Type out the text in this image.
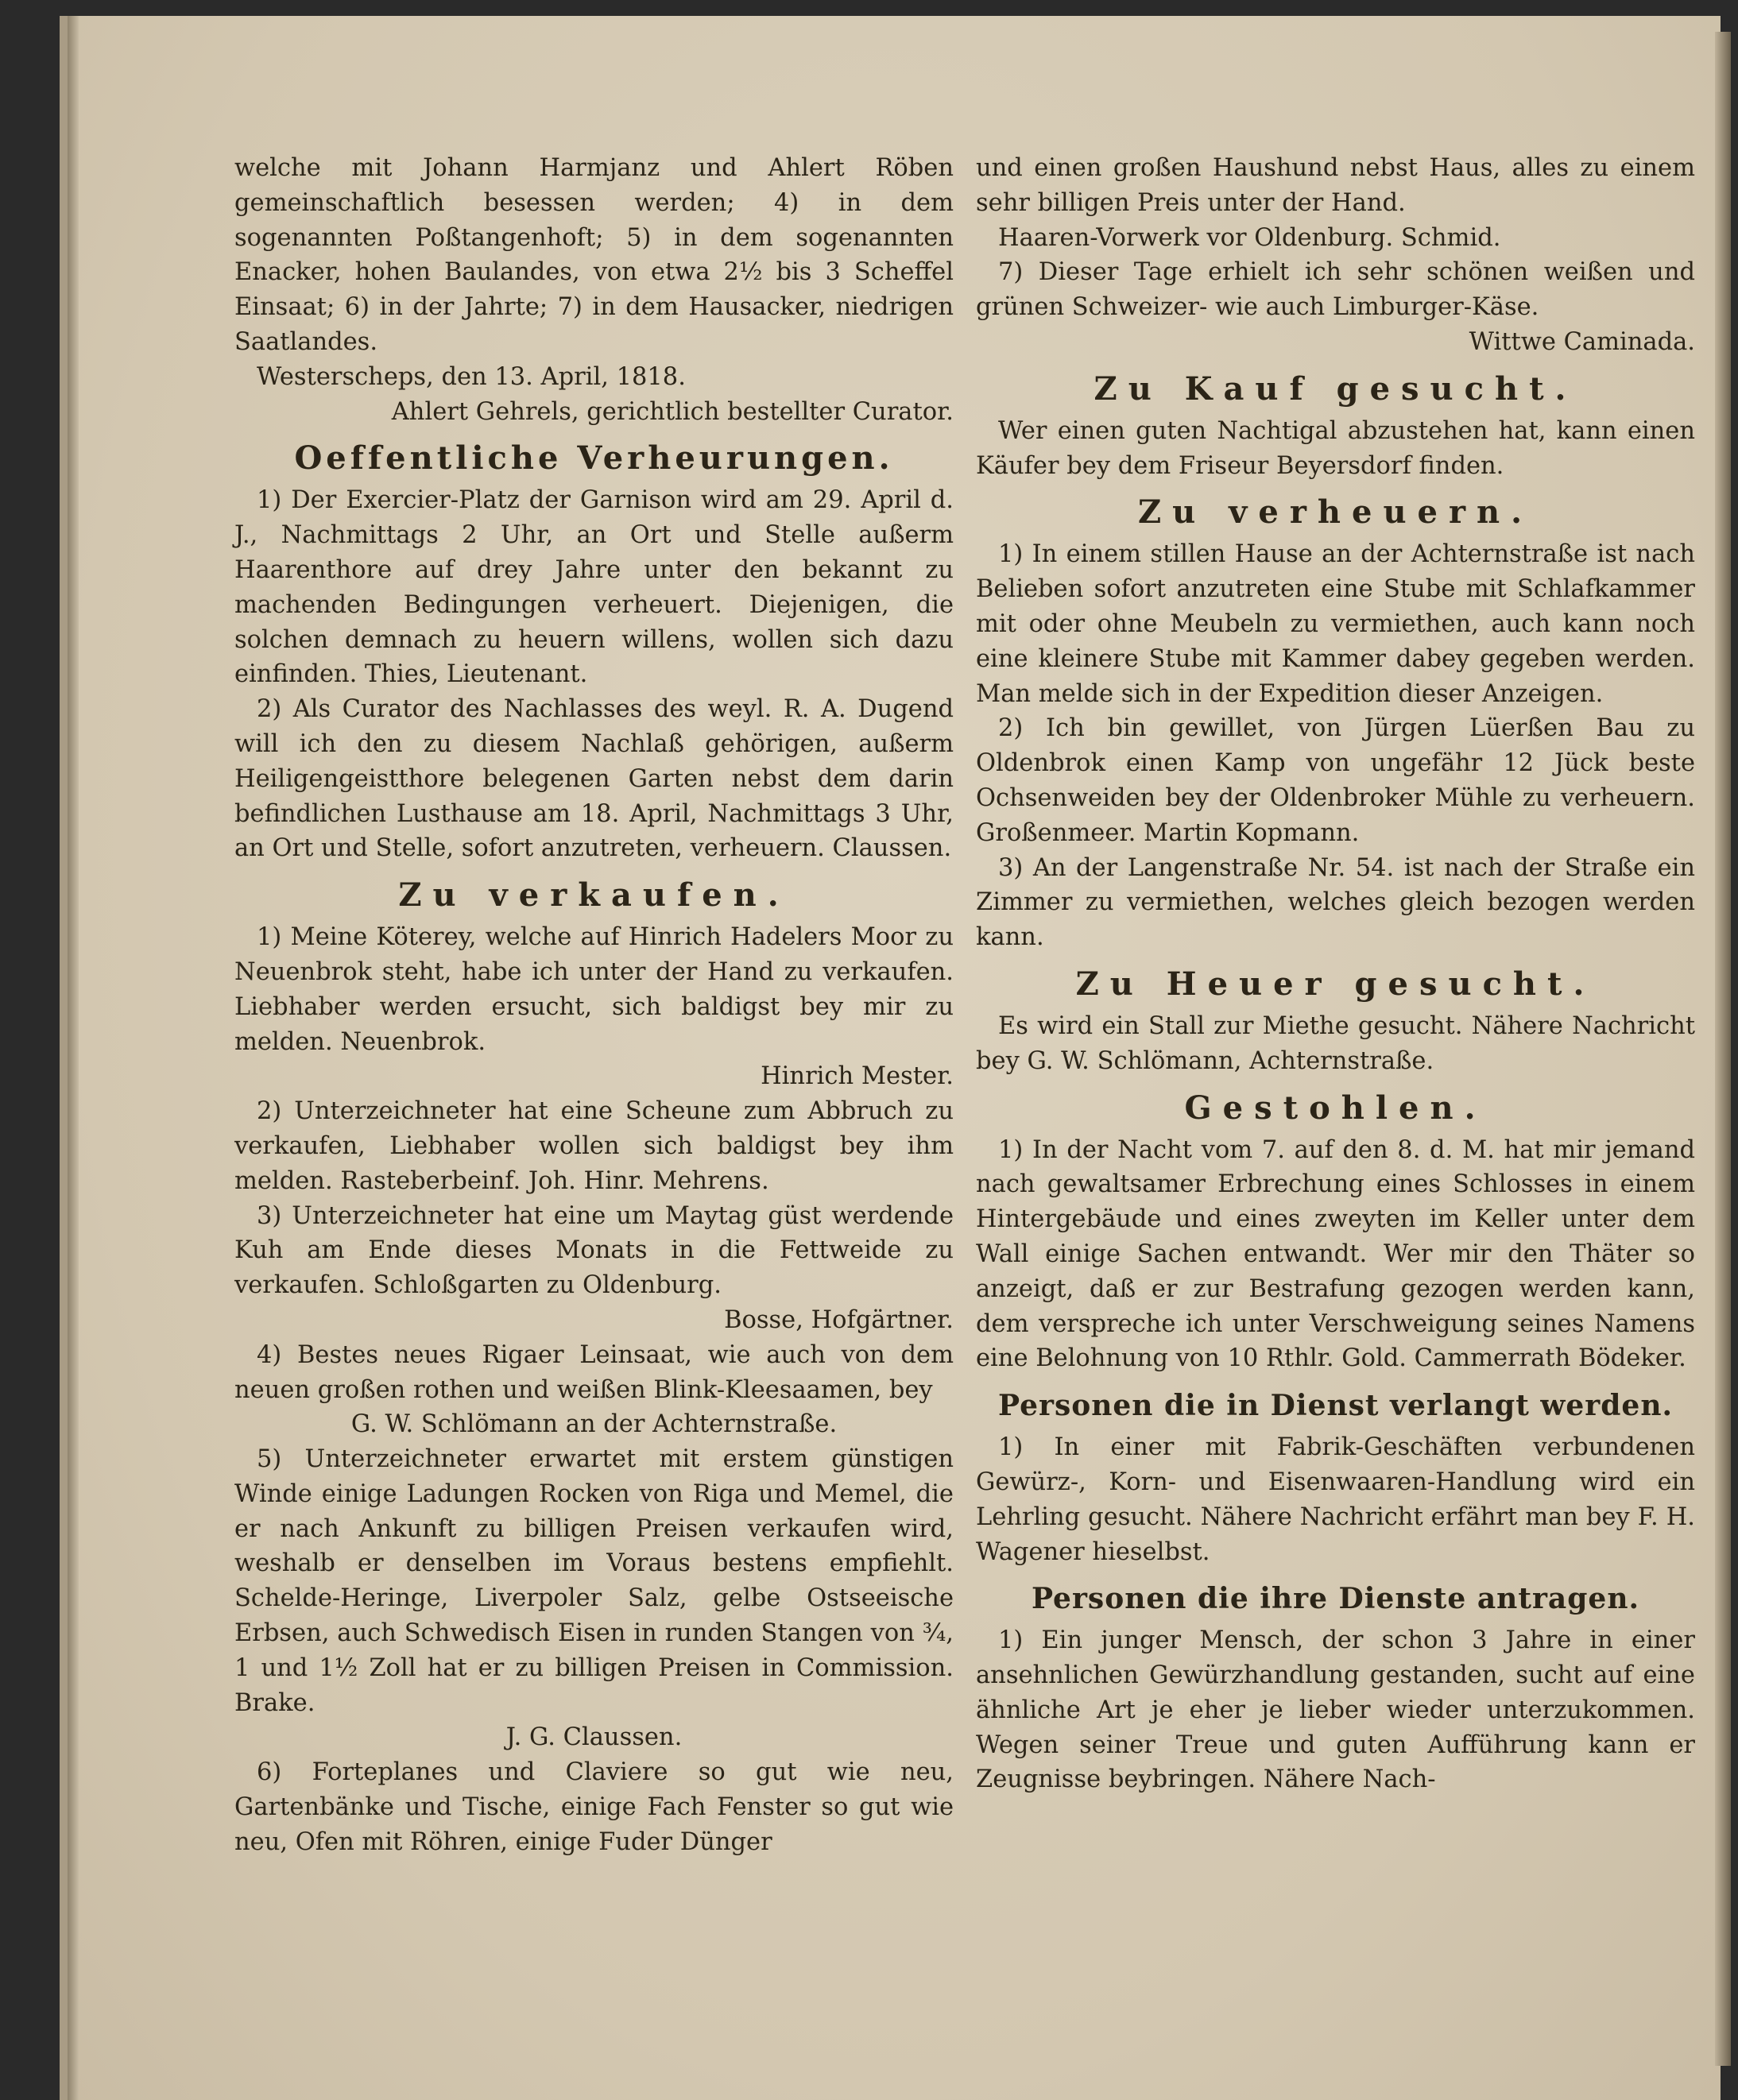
welche mit Johann Harmjanz und Ahlert Röben gemeinschaftlich besessen werden; 4) in dem sogenannten Poßtangenhoft; 5) in dem sogenannten Enacker, hohen Baulandes, von etwa 2½ bis 3 Scheffel Einsaat; 6) in der Jahrte; 7) in dem Hausacker, niedrigen Saatlandes.

Westerscheps, den 13. April, 1818.

Ahlert Gehrels, gerichtlich bestellter Curator.

Oeffentliche Verheurungen.

1) Der Exercier-Platz der Garnison wird am 29. April d. J., Nachmittags 2 Uhr, an Ort und Stelle außerm Haarenthore auf drey Jahre unter den bekannt zu machenden Bedingungen verheuert. Diejenigen, die solchen demnach zu heuern willens, wollen sich dazu einfinden. Thies, Lieutenant.

2) Als Curator des Nachlasses des weyl. R. A. Dugend will ich den zu diesem Nachlaß gehörigen, außerm Heiligengeistthore belegenen Garten nebst dem darin befindlichen Lusthause am 18. April, Nachmittags 3 Uhr, an Ort und Stelle, sofort anzutreten, verheuern. Claussen.

Zu verkaufen.

1) Meine Köterey, welche auf Hinrich Hadelers Moor zu Neuenbrok steht, habe ich unter der Hand zu verkaufen. Liebhaber werden ersucht, sich baldigst bey mir zu melden. Neuenbrok.

Hinrich Mester.

2) Unterzeichneter hat eine Scheune zum Abbruch zu verkaufen, Liebhaber wollen sich baldigst bey ihm melden. Rasteberbeinf. Joh. Hinr. Mehrens.

3) Unterzeichneter hat eine um Maytag güst werdende Kuh am Ende dieses Monats in die Fettweide zu verkaufen. Schloßgarten zu Oldenburg.

Bosse, Hofgärtner.

4) Bestes neues Rigaer Leinsaat, wie auch von dem neuen großen rothen und weißen Blink-Kleesaamen, bey

G. W. Schlömann an der Achternstraße.

5) Unterzeichneter erwartet mit erstem günstigen Winde einige Ladungen Rocken von Riga und Memel, die er nach Ankunft zu billigen Preisen verkaufen wird, weshalb er denselben im Voraus bestens empfiehlt. Schelde-Heringe, Liverpoler Salz, gelbe Ostseeische Erbsen, auch Schwedisch Eisen in runden Stangen von ¾, 1 und 1½ Zoll hat er zu billigen Preisen in Commission. Brake.

J. G. Claussen.

6) Forteplanes und Claviere so gut wie neu, Gartenbänke und Tische, einige Fach Fenster so gut wie neu, Ofen mit Röhren, einige Fuder Dünger

und einen großen Haushund nebst Haus, alles zu einem sehr billigen Preis unter der Hand.

Haaren-Vorwerk vor Oldenburg. Schmid.

7) Dieser Tage erhielt ich sehr schönen weißen und grünen Schweizer- wie auch Limburger-Käse.

Wittwe Caminada.

Zu Kauf gesucht.

Wer einen guten Nachtigal abzustehen hat, kann einen Käufer bey dem Friseur Beyersdorf finden.

Zu verheuern.

1) In einem stillen Hause an der Achternstraße ist nach Belieben sofort anzutreten eine Stube mit Schlafkammer mit oder ohne Meubeln zu vermiethen, auch kann noch eine kleinere Stube mit Kammer dabey gegeben werden. Man melde sich in der Expedition dieser Anzeigen.

2) Ich bin gewillet, von Jürgen Lüerßen Bau zu Oldenbrok einen Kamp von ungefähr 12 Jück beste Ochsenweiden bey der Oldenbroker Mühle zu verheuern. Großenmeer. Martin Kopmann.

3) An der Langenstraße Nr. 54. ist nach der Straße ein Zimmer zu vermiethen, welches gleich bezogen werden kann.

Zu Heuer gesucht.

Es wird ein Stall zur Miethe gesucht. Nähere Nachricht bey G. W. Schlömann, Achternstraße.

Gestohlen.

1) In der Nacht vom 7. auf den 8. d. M. hat mir jemand nach gewaltsamer Erbrechung eines Schlosses in einem Hintergebäude und eines zweyten im Keller unter dem Wall einige Sachen entwandt. Wer mir den Thäter so anzeigt, daß er zur Bestrafung gezogen werden kann, dem verspreche ich unter Verschweigung seines Namens eine Belohnung von 10 Rthlr. Gold. Cammerrath Bödeker.

Personen die in Dienst verlangt werden.

1) In einer mit Fabrik-Geschäften verbundenen Gewürz-, Korn- und Eisenwaaren-Handlung wird ein Lehrling gesucht. Nähere Nachricht erfährt man bey F. H. Wagener hieselbst.

Personen die ihre Dienste antragen.

1) Ein junger Mensch, der schon 3 Jahre in einer ansehnlichen Gewürzhandlung gestanden, sucht auf eine ähnliche Art je eher je lieber wieder unterzukommen. Wegen seiner Treue und guten Aufführung kann er Zeugnisse beybringen. Nähere Nach-
